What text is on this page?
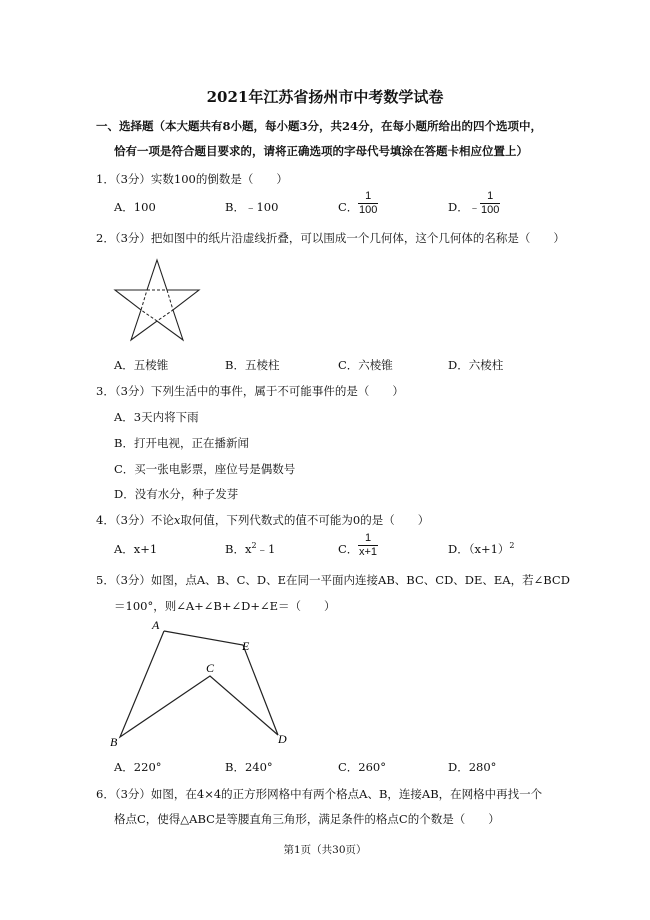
2021年江苏省扬州市中考数学试卷
一、选择题（本大题共有8小题，每小题3分，共24分，在每小题所给出的四个选项中，
恰有一项是符合题目要求的，请将正确选项的字母代号填涂在答题卡相应位置上）
1．（3分）实数100的倒数是（　　）
A．100	B．﹣100	C．
1
100	D．﹣
1
100
2．（3分）把如图中的纸片沿虚线折叠，可以围成一个几何体，这个几何体的名称是（　　）
A．五棱锥	B．五棱柱	C．六棱锥	D．六棱柱
3．（3分）下列生活中的事件，属于不可能事件的是（　　）
A．3天内将下雨
B．打开电视，正在播新闻
C．买一张电影票，座位号是偶数号
D．没有水分，种子发芽
4．（3分）不论x取何值，下列代数式的值不可能为0的是（　　）
A．x+1	B．$x^2﹣1$	C．
1
x+1	D．$(x+1)^2$
5．（3分）如图，点A、B、C、D、E在同一平面内连接AB、BC、CD、DE、EA，若∠BCD
＝100°，则∠A+∠B+∠D+∠E＝（　　）
A
B
C
D
E
A．220°	B．240°	C．260°	D．280°
6．（3分）如图，在4×4的正方形网格中有两个格点A、B，连接AB，在网格中再找一个
格点C，使得△ABC是等腰直角三角形，满足条件的格点C的个数是（　　）
第1页（共30页）
